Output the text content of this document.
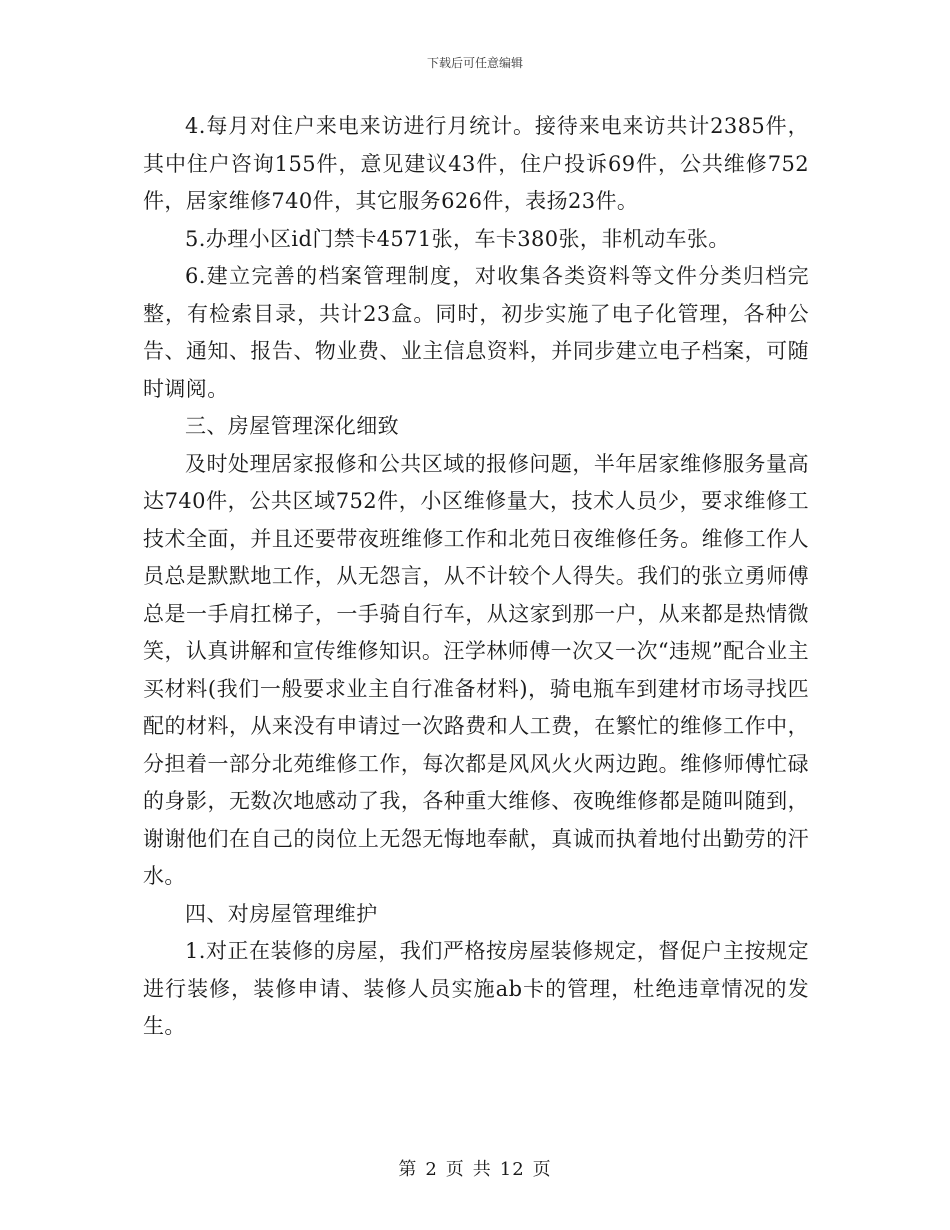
下载后可任意编辑

4.每月对住户来电来访进行月统计。接待来电来访共计2385件，其中住户咨询155件，意见建议43件，住户投诉69件，公共维修752件，居家维修740件，其它服务626件，表扬23件。

5.办理小区id门禁卡4571张，车卡380张，非机动车张。

6.建立完善的档案管理制度，对收集各类资料等文件分类归档完整，有检索目录，共计23盒。同时，初步实施了电子化管理，各种公告、通知、报告、物业费、业主信息资料，并同步建立电子档案，可随时调阅。

三、房屋管理深化细致

及时处理居家报修和公共区域的报修问题，半年居家维修服务量高达740件，公共区域752件，小区维修量大，技术人员少，要求维修工技术全面，并且还要带夜班维修工作和北苑日夜维修任务。维修工作人员总是默默地工作，从无怨言，从不计较个人得失。我们的张立勇师傅总是一手肩扛梯子，一手骑自行车，从这家到那一户，从来都是热情微笑，认真讲解和宣传维修知识。汪学林师傅一次又一次“违规”配合业主买材料(我们一般要求业主自行准备材料)，骑电瓶车到建材市场寻找匹配的材料，从来没有申请过一次路费和人工费，在繁忙的维修工作中，分担着一部分北苑维修工作，每次都是风风火火两边跑。维修师傅忙碌的身影，无数次地感动了我，各种重大维修、夜晚维修都是随叫随到，谢谢他们在自己的岗位上无怨无悔地奉献，真诚而执着地付出勤劳的汗水。

四、对房屋管理维护

1.对正在装修的房屋，我们严格按房屋装修规定，督促户主按规定进行装修，装修申请、装修人员实施ab卡的管理，杜绝违章情况的发生。

第 2 页 共 12 页
